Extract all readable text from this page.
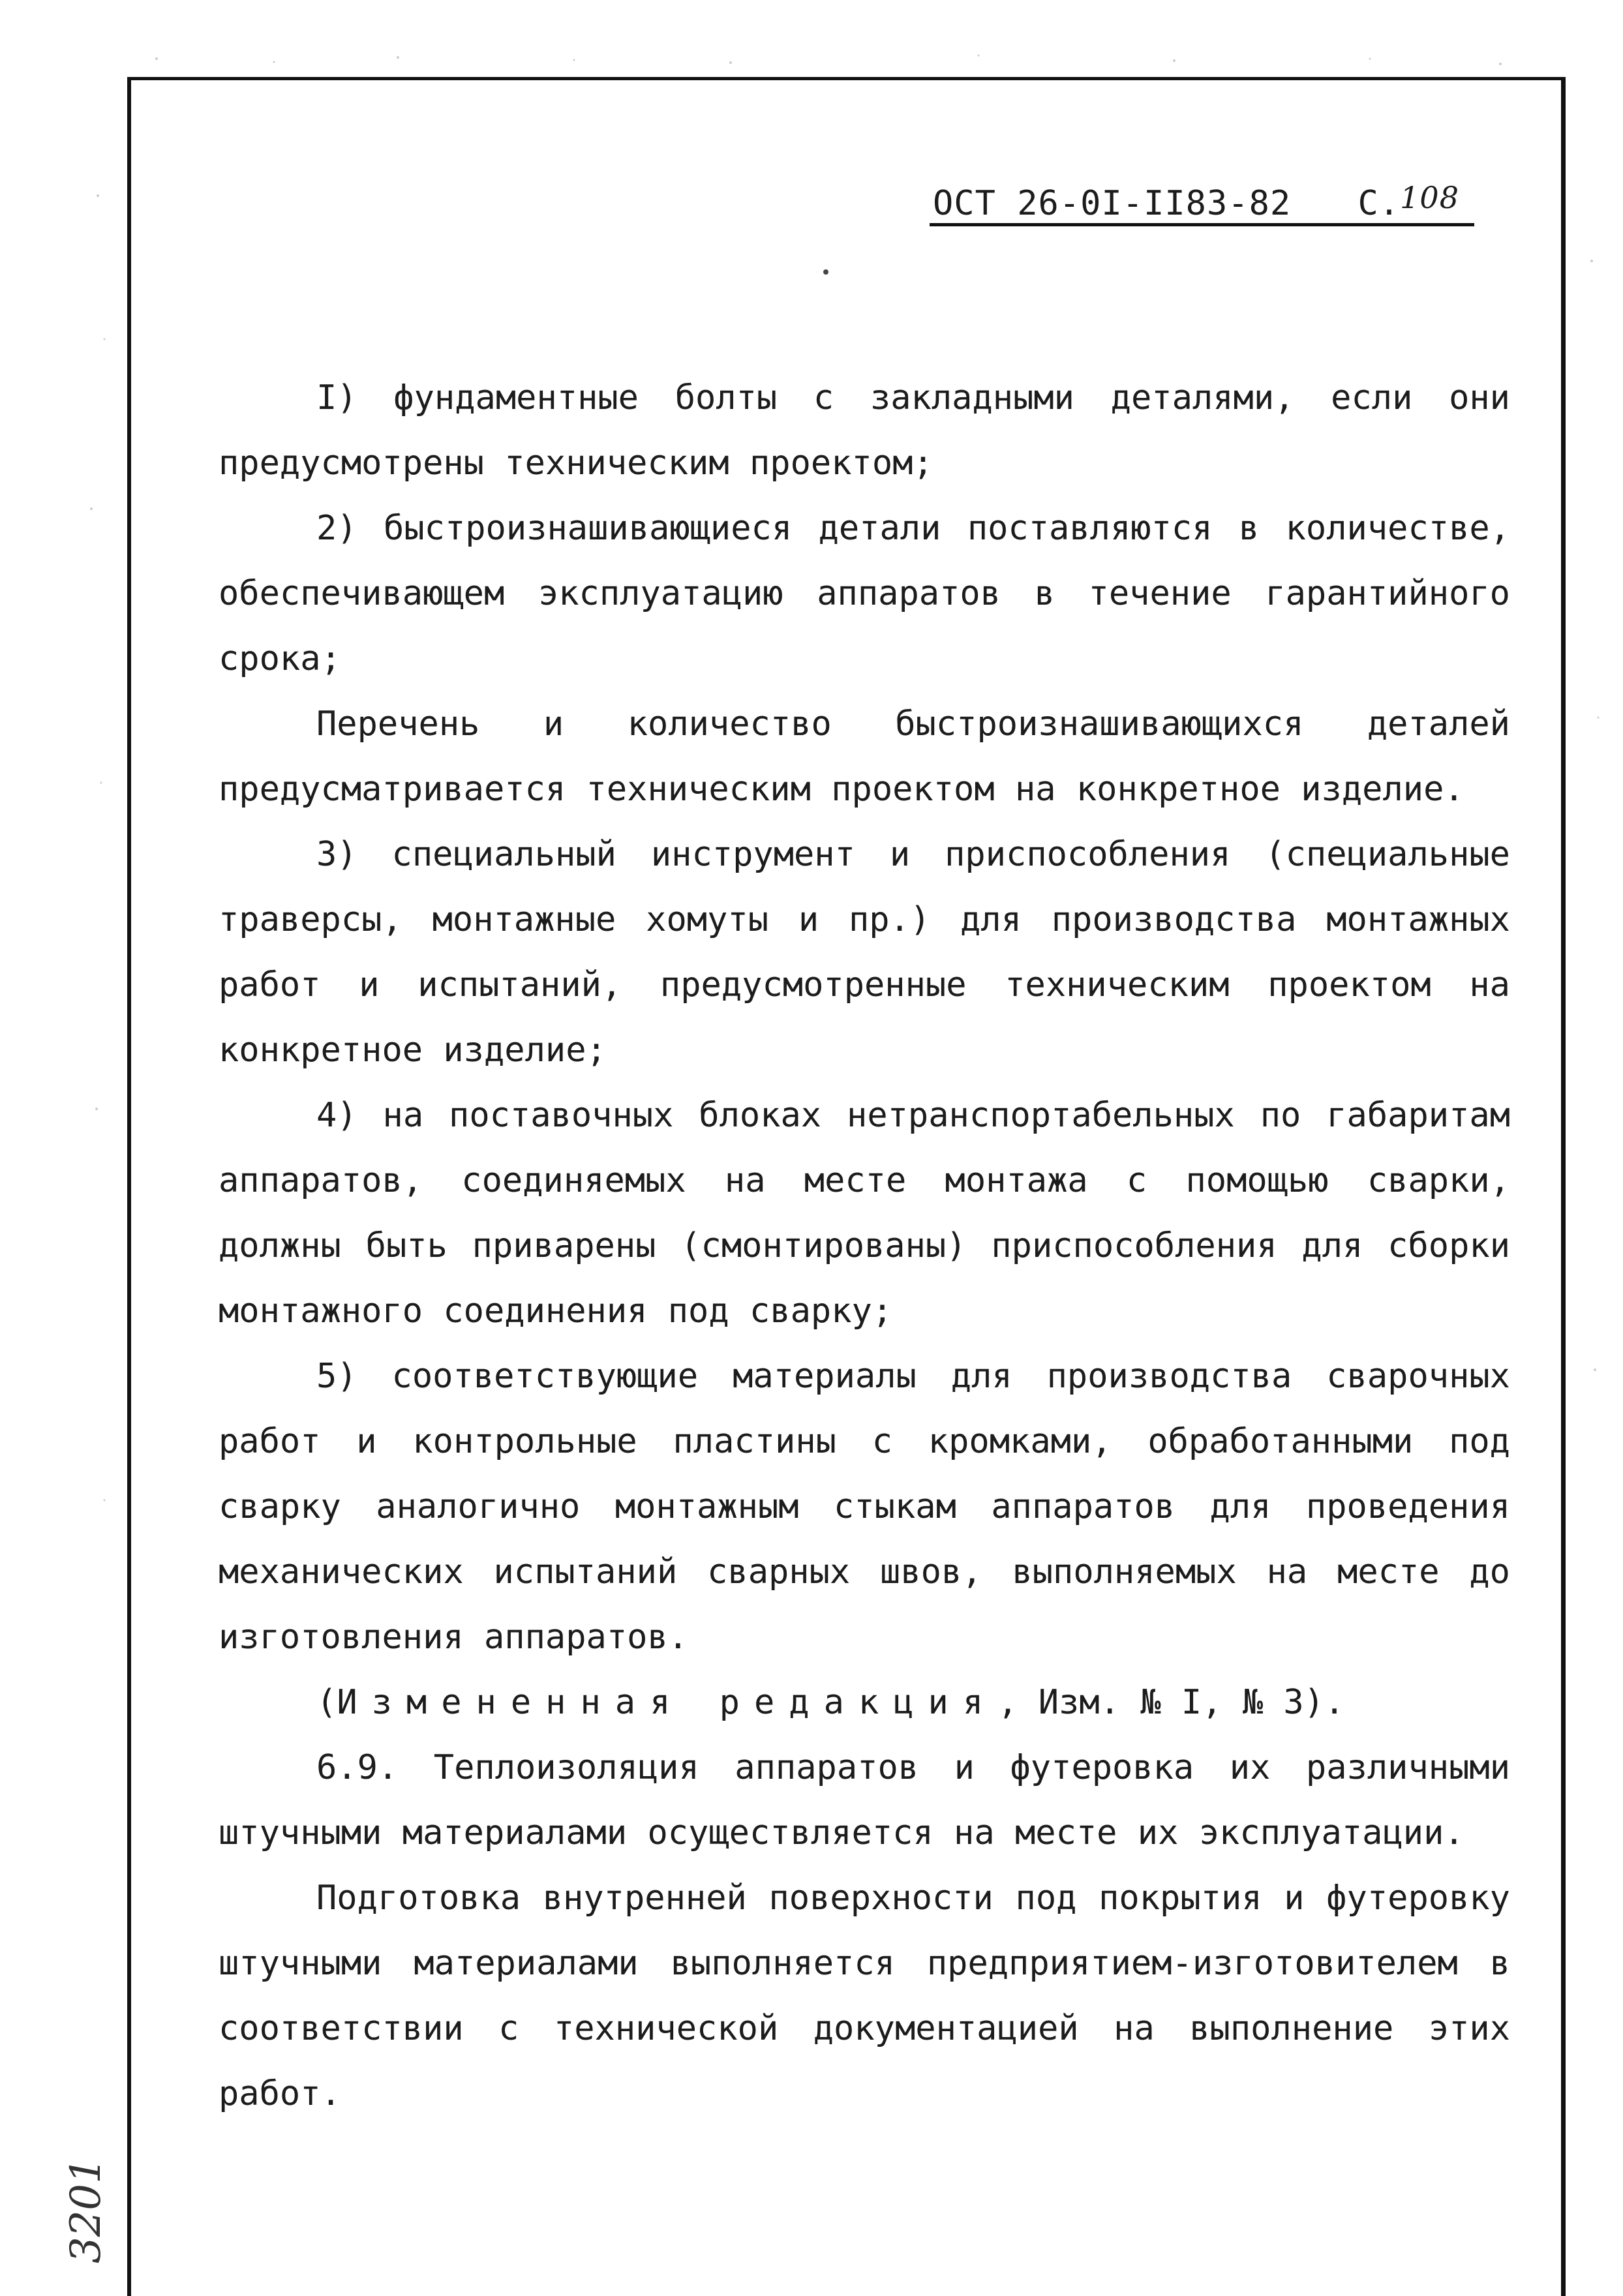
ОСТ 26-0I-II83-82 С.108

I) фундаментные болты с закладными деталями, если они предусмотрены техническим проектом;

2) быстроизнашивающиеся детали поставляются в количестве, обеспечивающем эксплуатацию аппаратов в течение гарантийного срока;

Перечень и количество быстроизнашивающихся деталей предусматривается техническим проектом на конкретное изделие.

3) специальный инструмент и приспособления (специальные траверсы, монтажные хомуты и пр.) для производства монтажных работ и испытаний, предусмотренные техническим проектом на конкретное изделие;

4) на поставочных блоках нетранспортабельных по габаритам аппаратов, соединяемых на месте монтажа с помощью сварки, должны быть приварены (смонтированы) приспособления для сборки монтажного соединения под сварку;

5) соответствующие материалы для производства сварочных работ и контрольные пластины с кромками, обработанными под сварку аналогично монтажным стыкам аппаратов для проведения механических испытаний сварных швов, выполняемых на месте до изготовления аппаратов.

(Измененная редакция, Изм. № I, № 3).

6.9. Теплоизоляция аппаратов и футеровка их различными штучными материалами осуществляется на месте их эксплуатации.

Подготовка внутренней поверхности под покрытия и футеровку штучными материалами выполняется предприятием-изготовителем в соответствии с технической документацией на выполнение этих работ.

3201
